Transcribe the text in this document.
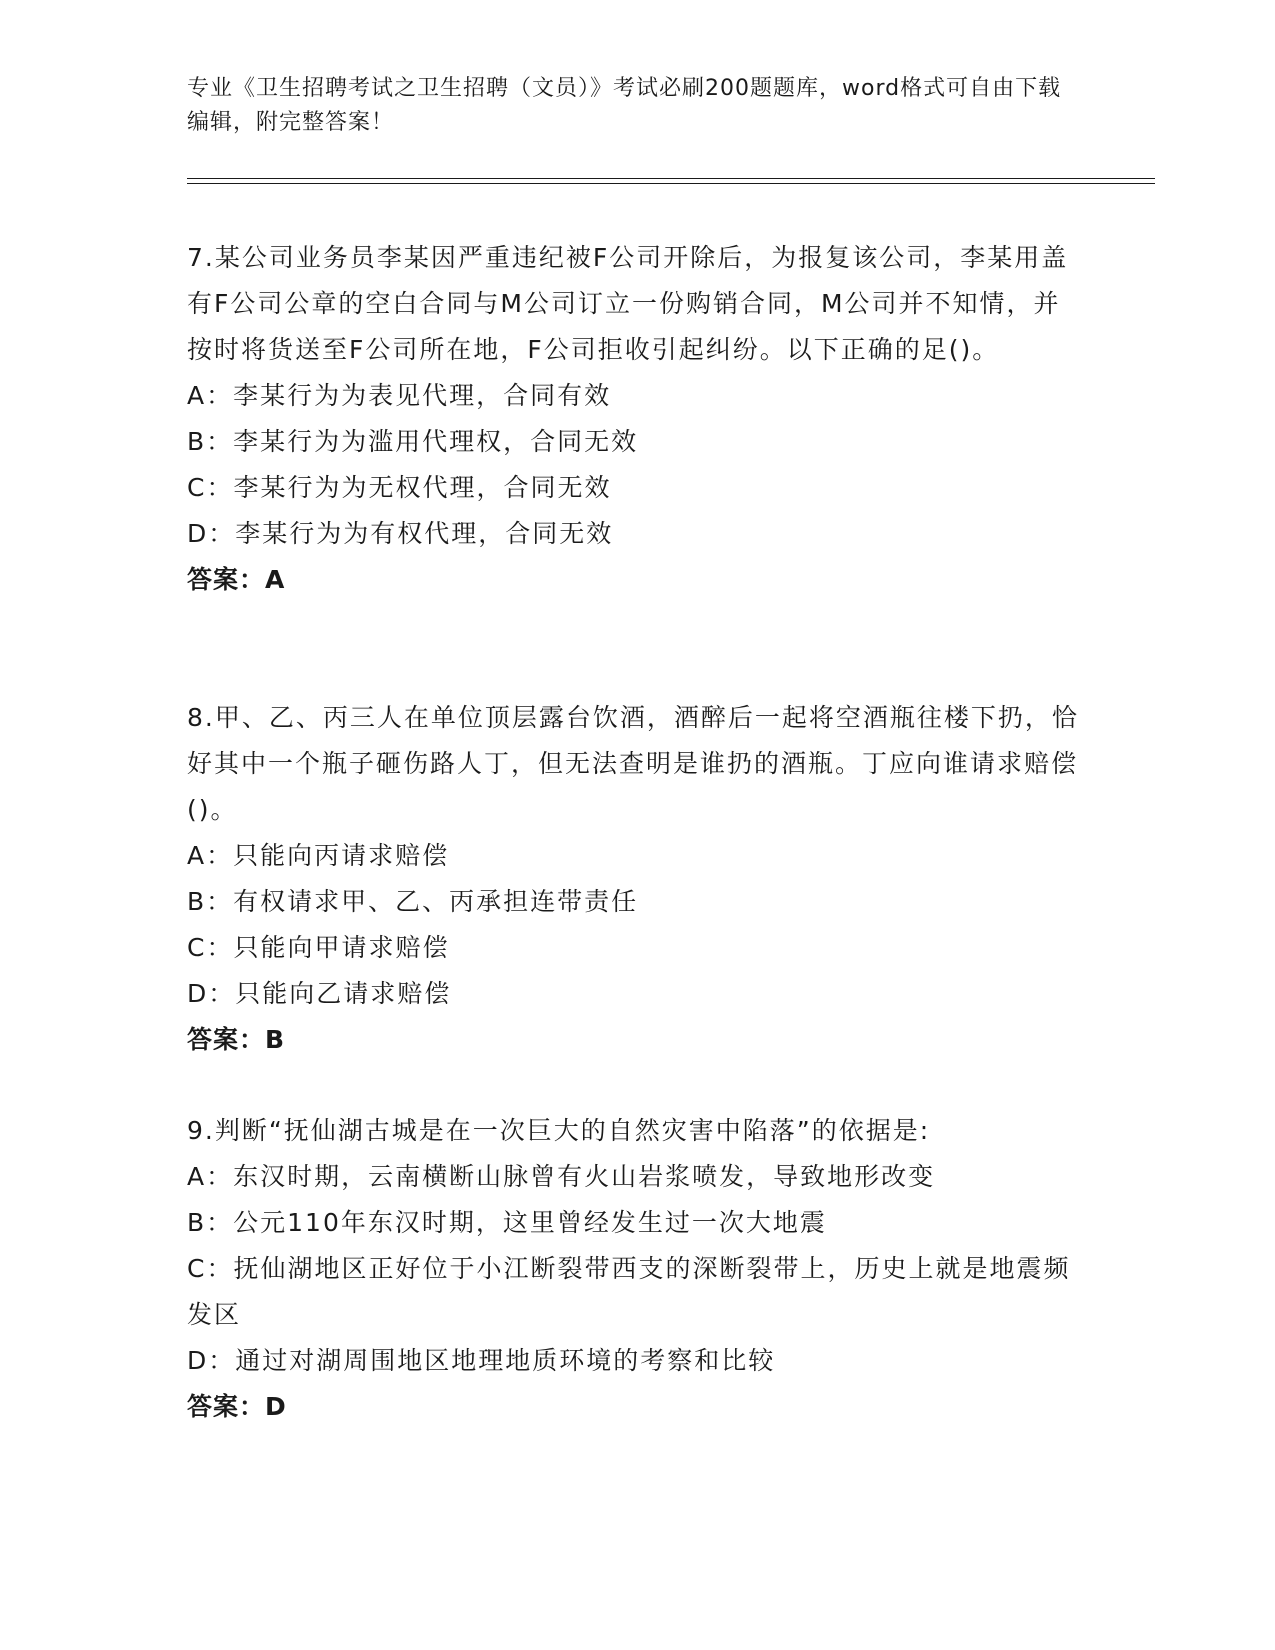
专业《卫生招聘考试之卫生招聘（文员）》考试必刷200题题库，word格式可自由下载编辑，附完整答案！
7.某公司业务员李某因严重违纪被F公司开除后，为报复该公司，李某用盖有F公司公章的空白合同与M公司订立一份购销合同，M公司并不知情，并按时将货送至F公司所在地，F公司拒收引起纠纷。以下正确的足()。
A：李某行为为表见代理，合同有效
B：李某行为为滥用代理权，合同无效
C：李某行为为无权代理，合同无效
D：李某行为为有权代理，合同无效
答案：A
8.甲、乙、丙三人在单位顶层露台饮酒，酒醉后一起将空酒瓶往楼下扔，恰好其中一个瓶子砸伤路人丁，但无法查明是谁扔的酒瓶。丁应向谁请求赔偿()。
A：只能向丙请求赔偿
B：有权请求甲、乙、丙承担连带责任
C：只能向甲请求赔偿
D：只能向乙请求赔偿
答案：B
9.判断“抚仙湖古城是在一次巨大的自然灾害中陷落”的依据是:
A：东汉时期，云南横断山脉曾有火山岩浆喷发，导致地形改变
B：公元110年东汉时期，这里曾经发生过一次大地震
C：抚仙湖地区正好位于小江断裂带西支的深断裂带上，历史上就是地震频发区
D：通过对湖周围地区地理地质环境的考察和比较
答案：D
